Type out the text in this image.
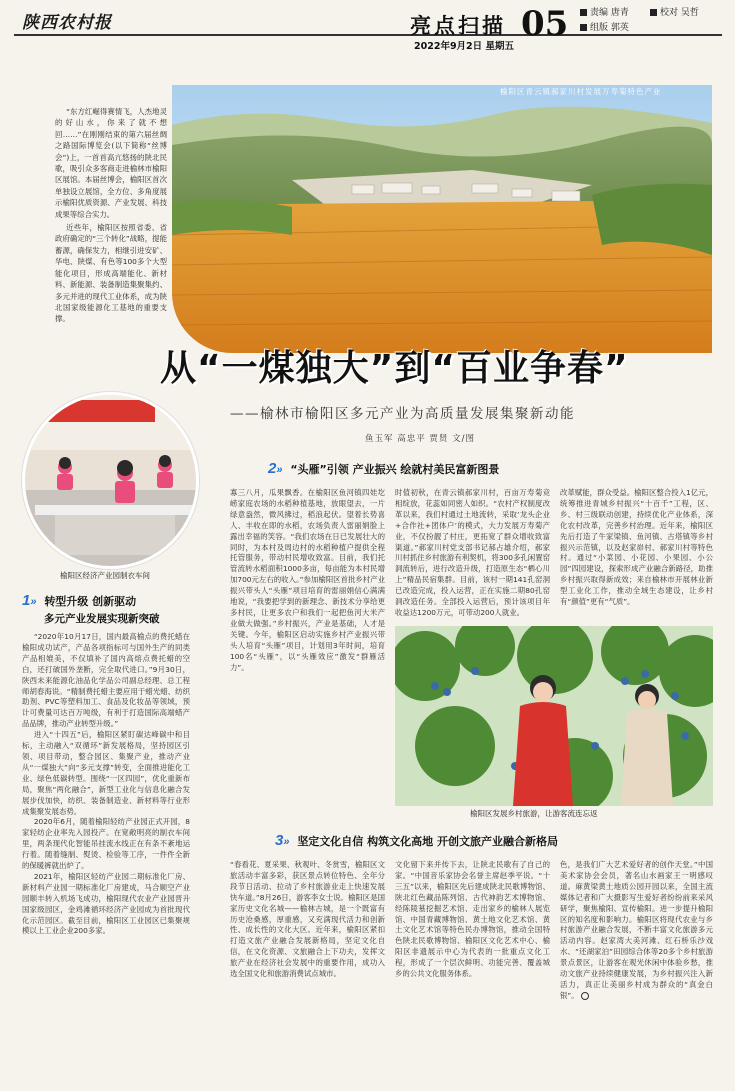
陕西农村报	亮点扫描 05
2022年9月2日 星期五
责编 唐青	校对 吴哲
组版 郭英

“东方红崛得赛情飞，人杰地灵的好山水，你来了就不想回……”在刚刚结束的第六届丝绸之路国际博览会(以下简称“丝博会”)上，一首首高亢悠扬的陕北民歌，吸引众多客商走进榆林市榆阳区展馆。本届丝博会，榆阳区首次单独设立展馆，全方位、多角度展示榆阳优质资源、产业发展、科技成果等综合实力。

近些年，榆阳区按照省委、省政府确定的“三个转化”战略，提能蓄源，确保发力，相继引进安矿、华电、陕煤、有色等100多个大型能化项目，形成高端能化、新材料、新能源、装备制造集聚集约、多元并进的现代工业体系，成为陕北国家级能源化工基地的重要支撑。

榆阳区青云镇郝家川村发展万寿菊特色产业
从“一煤独大”到“百业争春”
——榆林市榆阳区多元产业为高质量发展集聚新动能
鱼玉军 高忠平 贾贤 文/图
榆阳区经济产业园制衣车间
1» 转型升级 创新驱动
多元产业发展实现新突破

“2020年10月17日，国内最高榆点的费托蜡在榆阳成功试产，产品各项指标可与国外生产的同类产品相媲美，不仅填补了国内高熔点费托蜡的空白，还打破国外垄断，完全取代进口。”9月30日，陕西未来能源化油品化学品公司副总经理、总工程师胡春海说。“精制费托蜡主要应用于蜡光蜡、纺织助剂、PVC等塑料加工、食品及化妆品等领域，预计可费量可达百万吨级，有利于打造国际高端蜡产品品牌，推动产业转型升级。”

进入“十四五”后，榆阳区紧盯碳达峰碳中和目标，主动融入“双循环”新发展格局，坚持园区引领、项目带动，整合园区、集聚产业，推动产业从“一煤独大”向“多元支撑”转变，全面推进能化工业、绿色低碳转型。围绕“一区四园”，优化重新布局，聚焦“两化融合”，新型工业化与信息化融合发展步伐加快，纺织、装备制造业、新材料等行业形成集聚发展态势。

2020年6月，随着榆阳轻纺产业园正式开园，8家轻纺企业率先入园投产。在宽敞明亮的制衣车间里，两条现代化智能吊挂流水线正在有条不紊地运行着。随着缝制、熨烫、检验等工序，一件件全新的保暖裤就出炉了。

2021年，榆阳区轻纺产业园二期标准化厂房、新材料产业园一期标准化厂房建成，马合顺空产业园顺丰转入机场飞成功，榆阳现代农业产业园晋升国家级园区，金鸡滩循环经济产业园成为首批现代化示范园区。截至目前，榆阳区工业园区已集聚规模以上工业企业200多家。

2» “头雁”引领 产业振兴 绘就村美民富新图景
寡三八月，瓜果飘香。在榆阳区鱼河镇四娃圪崂家庭农场的水稻种植基地，放眼望去，一片绿意盎然，微风拂过，稻浪起伏。望着长势喜人、丰收在即的水稻，农场负责人雷丽娟脸上露出幸福的笑容。“我们农场在日已发展壮大的同时，为本村及周边村的水稻种植户提供全程托管服务，带动村民增收致富。目前，我们托管流转水稻面积1000多亩，每亩能为本村民增加700元左右的收入。”参加榆阳区首批乡村产业振兴带头人“头雁”项目培育的雷丽娟信心满满地说，“我要把学到的新理念、新技术分享给更多村民，让更多农户和我们一起把鱼河大米产业做大做强。”乡村振兴，产业是基础，人才是关键。今年，榆阳区启动实施乡村产业振兴带头人培育“头雁”项目，计划用3年时间，培育100名“头雁”，以“头雁效应”激发“群雁活力”。
时值初秋，在青云镇郝家川村，百亩万寿菊竞相绽放，花蕊如同密人如织。“农村产权制度改革以来，我们村通过土地流转，采取‘龙头企业+合作社+团体户’的模式，大力发展万寿菊产业，不仅扮靓了村庄，更拓宽了群众增收致富渠道。”郝家川村党支部书记郝占雄介绍，郝家川村抓住乡村旅游有利契机，将300多孔闲置窑洞流转后，进行改造升级，打造原生态“栖心川上”精品民宿集群。目前，该村一期141孔窑洞已改造完成，投入运营，正在实施二期80孔窑洞改造任务。全部投入运营后，预计该项目年收益达1200万元，可带动200人就业。
改革赋能，群众受益。榆阳区整合投入1亿元，统筹推进青城乡村振兴“十百千”工程，区、乡、村三级联动创建，持续优化产业体系，深化农村改革，完善乡村治理。近年来，榆阳区先后打造了牛家梁镇、鱼河镇、古塔镇等乡村振兴示范镇，以及赵家峁村、郝家川村等特色村。通过“小菜园、小花园、小果园、小公园”四园建设，探索形成产业融合新路径，助推乡村振兴取得新成效；来自榆林市开展林业新型工业化工作，推动全域生态建设，让乡村有“颜值”更有“气质”。
榆阳区发展乡村旅游，让游客流连忘返
3» 坚定文化自信 构筑文化高地 开创文旅产业融合新格局
“春看花、夏采果、秋观叶、冬赏雪，榆阳区文旅活动丰富多彩，获区景点转位特色、全年分段节日活动、拉动了乡村旅游业走上快速发展快车道。”8月26日，游客李女士说。榆阳区是国家历史文化名城——榆林古城，是一个既富有历史沧桑感，厚重感，又充满现代活力和创新性、成长性的文化大区。近年来，榆阳区紧扣打造文旅产业融合发展新格局，坚定文化自信，在文化资源、文旅融合上下功夫，发挥文旅产业在经济社会发展中的重要作用，成功入选全国文化和旅游消费试点城市。
文化留下来并传下去，让陕北民歌有了自己的家。“中国音乐家协会名誉主席赵季平说。“十三五”以来，榆阳区先后建成陕北民歌博物馆、陕北红色藏品陈列馆、古代神韵艺术博物馆、经陈陵墓挖掘艺术馆、走出家乡的榆林人展览馆、中国青藏博物馆、黄土地文化艺术馆、黄土文化艺术馆等特色民办博物馆，推动全国特色陕北民歌博物馆、榆阳区文化艺术中心、榆阳区非遗展示中心为代表的一批重点文化工程，形成了一个层次鲜明、功能完善、覆盖城乡的公共文化服务体系。
色，是我们广大艺术爱好者的创作天堂。”中国美术家协会会员，著名山水画家王一明感叹道。麻黄梁黄土地质公园开园以来，全国主流媒体记者和广大摄影写生爱好者纷纷前来采风研学，聚焦榆阳、宣传榆阳。进一步提升榆阳区的知名度和影响力。榆阳区将现代农业与乡村旅游产业融合发展，不断丰富文化旅游多元活动内容。赵家湾大美河滩、红石桥乐沙戏水、“还湖家泊”田园综合体等20多个乡村旅游景点景区，让游客在观光休闲中体验乡愁，推动文旅产业持续健康发展，为乡村振兴注入新活力，真正让美丽乡村成为群众的“真金白银”。
